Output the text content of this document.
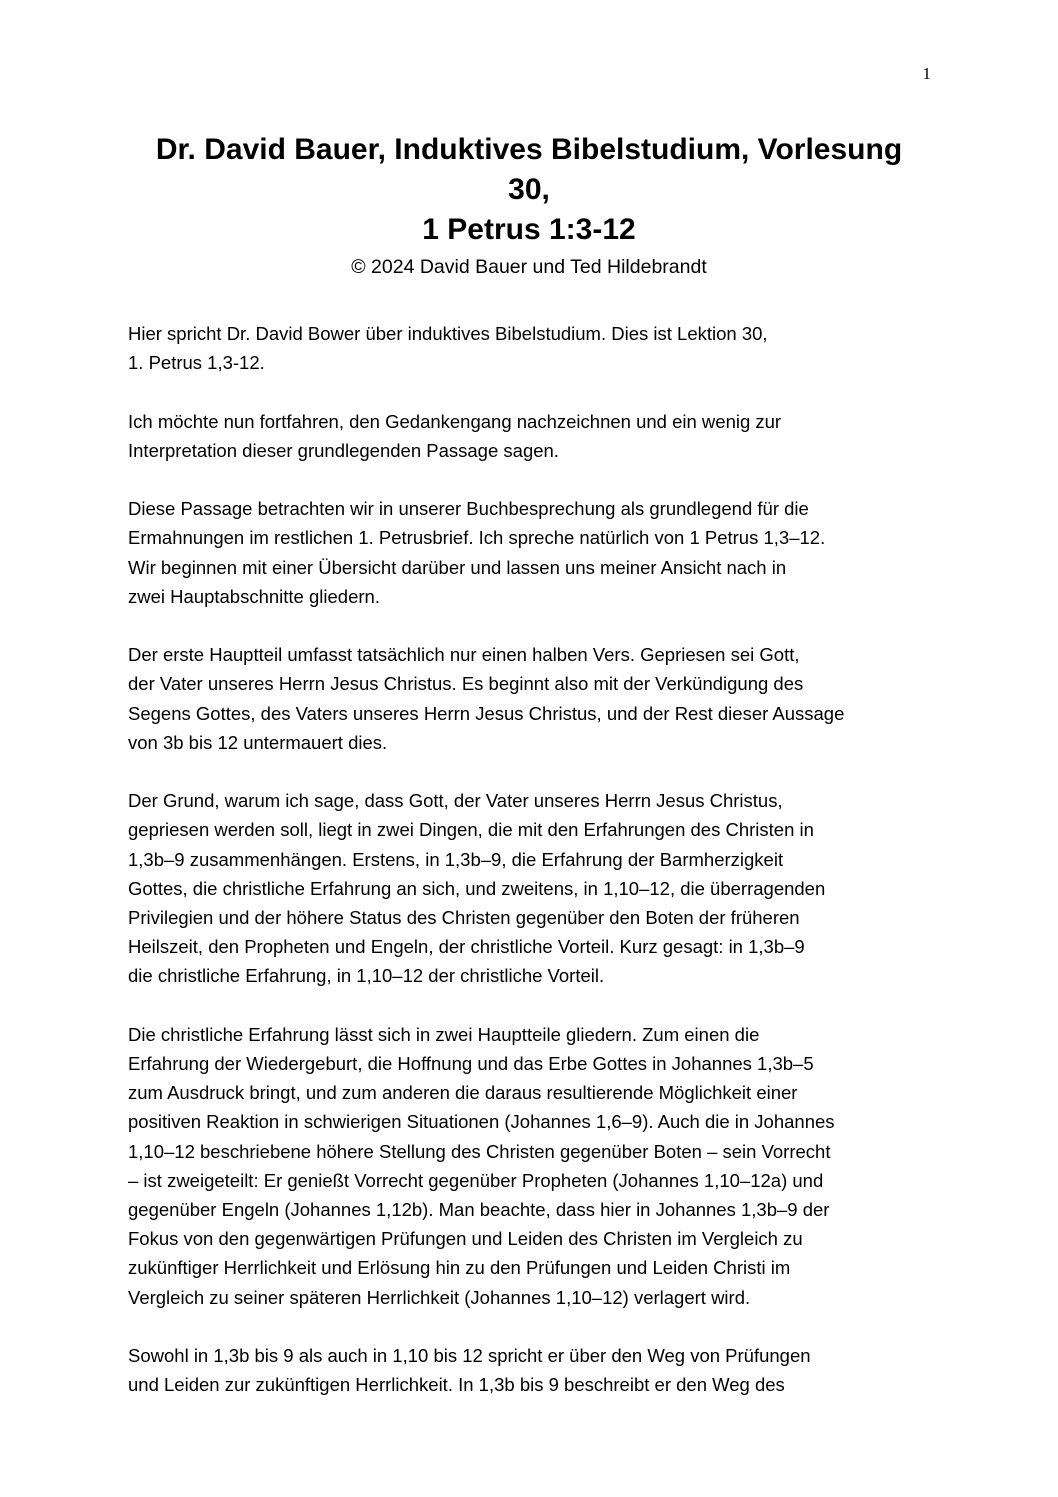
1
Dr. David Bauer, Induktives Bibelstudium, Vorlesung
30,
1 Petrus 1:3-12
© 2024 David Bauer und Ted Hildebrandt

Hier spricht Dr. David Bower über induktives Bibelstudium. Dies ist Lektion 30,
1. Petrus 1,3-12.

Ich möchte nun fortfahren, den Gedankengang nachzeichnen und ein wenig zur
Interpretation dieser grundlegenden Passage sagen.

Diese Passage betrachten wir in unserer Buchbesprechung als grundlegend für die
Ermahnungen im restlichen 1. Petrusbrief. Ich spreche natürlich von 1 Petrus 1,3–12.
Wir beginnen mit einer Übersicht darüber und lassen uns meiner Ansicht nach in
zwei Hauptabschnitte gliedern.

Der erste Hauptteil umfasst tatsächlich nur einen halben Vers. Gepriesen sei Gott,
der Vater unseres Herrn Jesus Christus. Es beginnt also mit der Verkündigung des
Segens Gottes, des Vaters unseres Herrn Jesus Christus, und der Rest dieser Aussage
von 3b bis 12 untermauert dies.

Der Grund, warum ich sage, dass Gott, der Vater unseres Herrn Jesus Christus,
gepriesen werden soll, liegt in zwei Dingen, die mit den Erfahrungen des Christen in
1,3b–9 zusammenhängen. Erstens, in 1,3b–9, die Erfahrung der Barmherzigkeit
Gottes, die christliche Erfahrung an sich, und zweitens, in 1,10–12, die überragenden
Privilegien und der höhere Status des Christen gegenüber den Boten der früheren
Heilszeit, den Propheten und Engeln, der christliche Vorteil. Kurz gesagt: in 1,3b–9
die christliche Erfahrung, in 1,10–12 der christliche Vorteil.

Die christliche Erfahrung lässt sich in zwei Hauptteile gliedern. Zum einen die
Erfahrung der Wiedergeburt, die Hoffnung und das Erbe Gottes in Johannes 1,3b–5
zum Ausdruck bringt, und zum anderen die daraus resultierende Möglichkeit einer
positiven Reaktion in schwierigen Situationen (Johannes 1,6–9). Auch die in Johannes
1,10–12 beschriebene höhere Stellung des Christen gegenüber Boten – sein Vorrecht
– ist zweigeteilt: Er genießt Vorrecht gegenüber Propheten (Johannes 1,10–12a) und
gegenüber Engeln (Johannes 1,12b). Man beachte, dass hier in Johannes 1,3b–9 der
Fokus von den gegenwärtigen Prüfungen und Leiden des Christen im Vergleich zu
zukünftiger Herrlichkeit und Erlösung hin zu den Prüfungen und Leiden Christi im
Vergleich zu seiner späteren Herrlichkeit (Johannes 1,10–12) verlagert wird.

Sowohl in 1,3b bis 9 als auch in 1,10 bis 12 spricht er über den Weg von Prüfungen
und Leiden zur zukünftigen Herrlichkeit. In 1,3b bis 9 beschreibt er den Weg des
